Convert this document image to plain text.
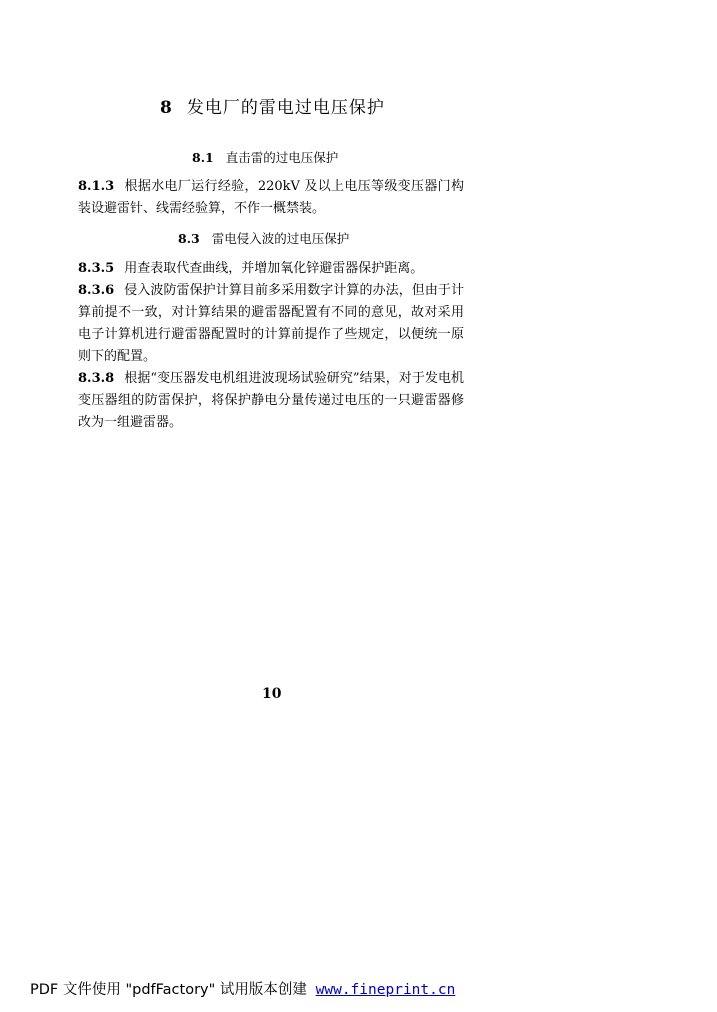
8 发电厂的雷电过电压保护
8.1 直击雷的过电压保护
8.1.3 根据水电厂运行经验，220kV 及以上电压等级变压器门构装设避雷针、线需经验算，不作一概禁装。
8.3 雷电侵入波的过电压保护
8.3.5 用查表取代查曲线，并增加氧化锌避雷器保护距离。
8.3.6 侵入波防雷保护计算目前多采用数字计算的办法，但由于计算前提不一致，对计算结果的避雷器配置有不同的意见，故对采用电子计算机进行避雷器配置时的计算前提作了些规定，以便统一原则下的配置。
8.3.8 根据“变压器发电机组进波现场试验研究”结果，对于发电机变压器组的防雷保护，将保护静电分量传递过电压的一只避雷器修改为一组避雷器。
10
PDF 文件使用 "pdfFactory" 试用版本创建 www.fineprint.cn
